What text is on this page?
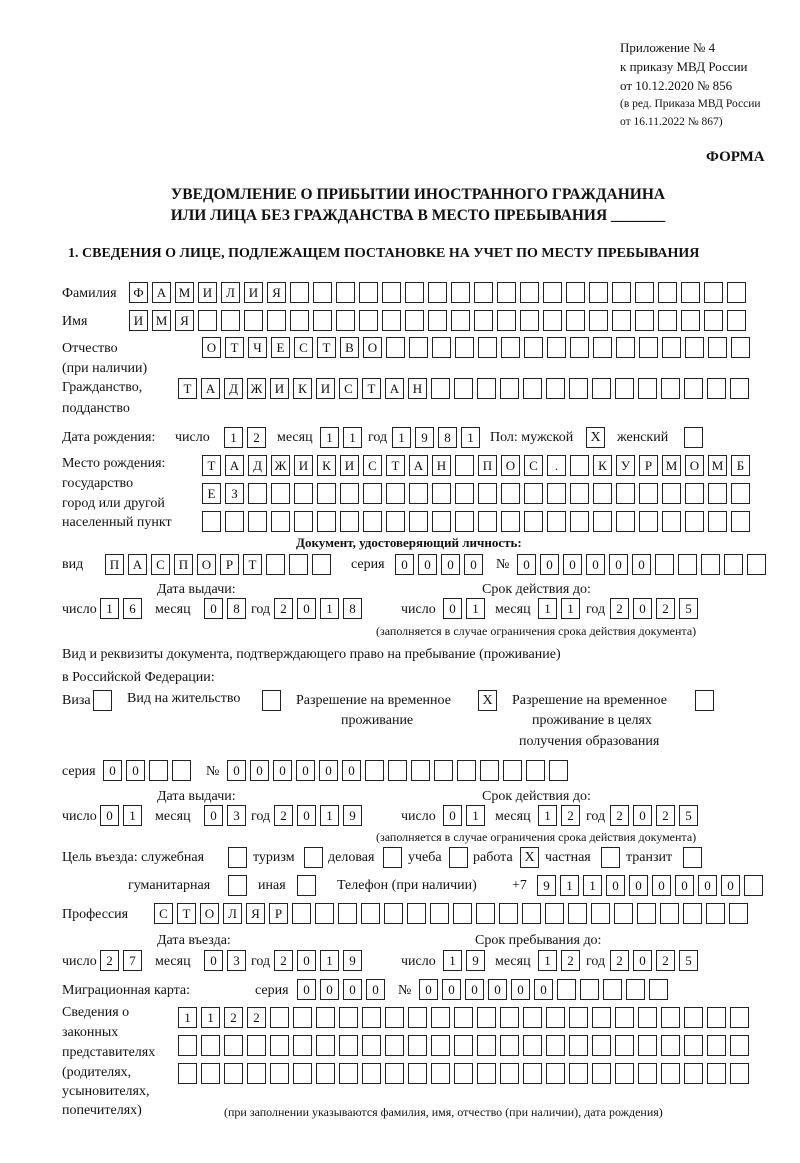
Приложение № 4
к приказу МВД России
от 10.12.2020 № 856
(в ред. Приказа МВД России
от 16.11.2022 № 867)
ФОРМА
УВЕДОМЛЕНИЕ О ПРИБЫТИИ ИНОСТРАННОГО ГРАЖДАНИНА
ИЛИ ЛИЦА БЕЗ ГРАЖДАНСТВА В МЕСТО ПРЕБЫВАНИЯ _______
1. СВЕДЕНИЯ О ЛИЦЕ, ПОДЛЕЖАЩЕМ ПОСТАНОВКЕ НА УЧЕТ ПО МЕСТУ ПРЕБЫВАНИЯ
Фамилия	Ф	А М И	Л	И	Я
Имя	И М Я
Отчество
(при наличии)
О	Т	Ч	Е	С	Т	В	О
Гражданство,
подданство
Т	А	Д Ж И	К	И	С	Т	А	Н
Дата рождения: число	1	2	месяц	1	1 год 1	9	8	1	Пол: мужской	X	женский
Место рождения:
государство
город или другой
населенный пункт
Т	А	Д Ж И	К	И	С	Т	А	Н	П	О	С	.	К	У	Р	М О М	Б
Е	З
Документ, удостоверяющий личность:
вид	П	А	С	П	О	Р	Т	серия	0	0	0	0	№	0	0	0	0	0	0
Дата выдачи:	Срок действия до:
число 1	6	месяц	0	8 год 2	0	1	8	число	0	1	месяц	1	1 год 2	0	2	5
(заполняется в случае ограничения срока действия документа)
Вид и реквизиты документа, подтверждающего право на пребывание (проживание)
в Российской Федерации:
Виза	Вид на жительство	Разрешение на временное
проживание
X	Разрешение на временное
проживание в целях
получения образования
серия	0	0	№	0	0	0	0	0	0
Дата выдачи:	Срок действия до:
число 0	1	месяц	0	3 год 2	0	1	9	число	0	1	месяц	1	2 год 2	0	2	5
(заполняется в случае ограничения срока действия документа)
Цель въезда: служебная	туризм деловая учеба работа X частная	транзит
гуманитарная	иная	Телефон (при наличии)	+7	9	1	1	0	0	0	0	0	0
Профессия	С	Т	О	Л	Я	Р
Дата въезда:	Срок пребывания до:
число 2	7	месяц	0	3 год 2	0	1	9	число	1	9	месяц	1	2 год 2	0	2	5
Миграционная карта:	серия	0	0	0	0	№	0	0	0	0	0	0
Сведения о
законных
представителях
(родителях,
усыновителях,
попечителях)
1	1	2	2
(при заполнении указываются фамилия, имя, отчество (при наличии), дата рождения)
